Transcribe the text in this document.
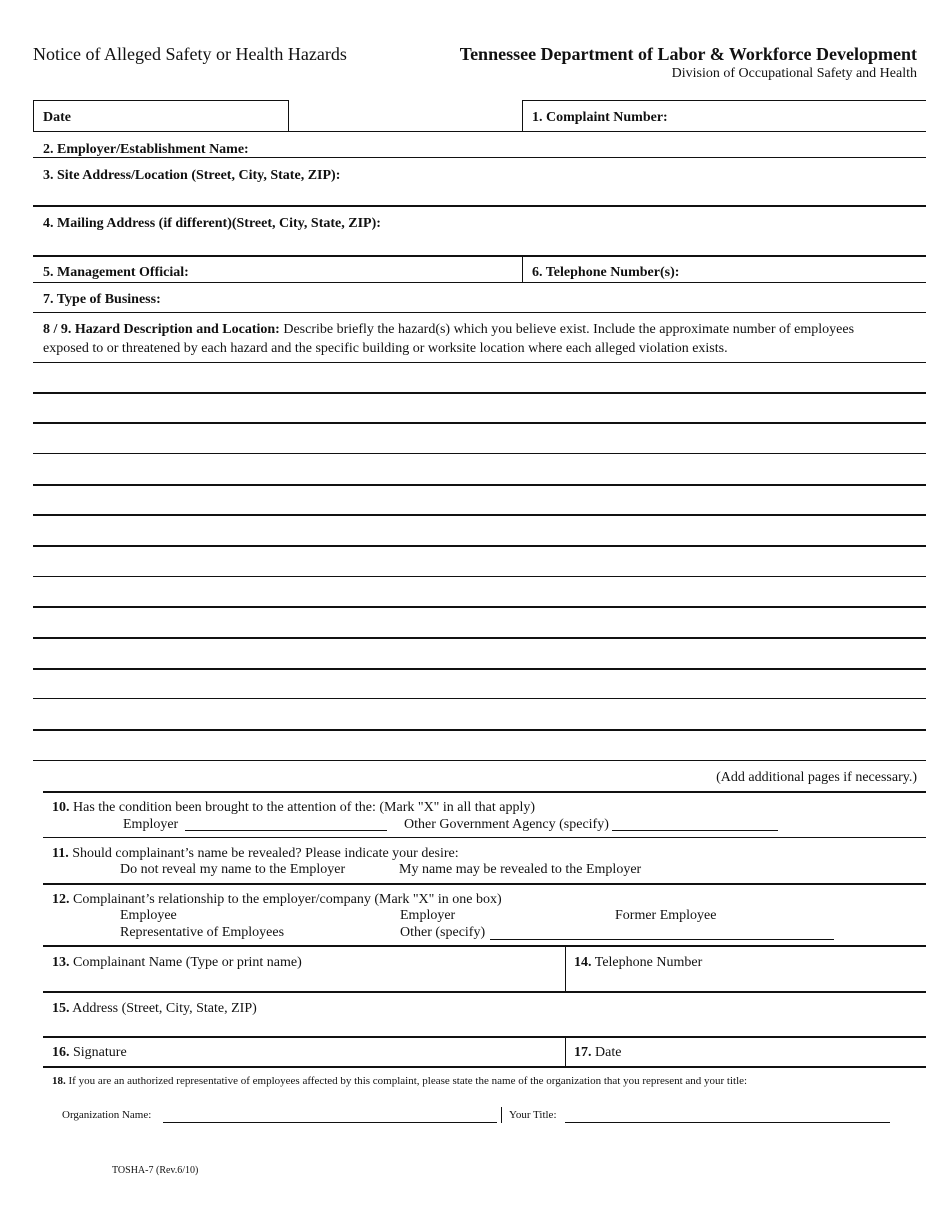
Notice of Alleged Safety or Health Hazards	Tennessee Department of Labor & Workforce Development
Division of Occupational Safety and Health
Date	1. Complaint Number:
2. Employer/Establishment Name:
3. Site Address/Location (Street, City, State, ZIP):
4. Mailing Address (if different)(Street, City, State, ZIP):
5. Management Official:	6. Telephone Number(s):
7. Type of Business:
8 / 9. Hazard Description and Location: Describe briefly the hazard(s) which you believe exist. Include the approximate number of employees
exposed to or threatened by each hazard and the specific building or worksite location where each alleged violation exists.
(Add additional pages if necessary.)
10. Has the condition been brought to the attention of the: (Mark "X" in all that apply)
Employer	Other Government Agency (specify)
11. Should complainant’s name be revealed? Please indicate your desire:
Do not reveal my name to the Employer	My name may be revealed to the Employer
12. Complainant’s relationship to the employer/company (Mark "X" in one box)
Employee	Employer	Former Employee
Representative of Employees	Other (specify)
13. Complainant Name (Type or print name)	14. Telephone Number
15. Address (Street, City, State, ZIP)
16. Signature	17. Date
18. If you are an authorized representative of employees affected by this complaint, please state the name of the organization that you represent and your title:
Organization Name:	Your Title:
TOSHA-7 (Rev.6/10)
